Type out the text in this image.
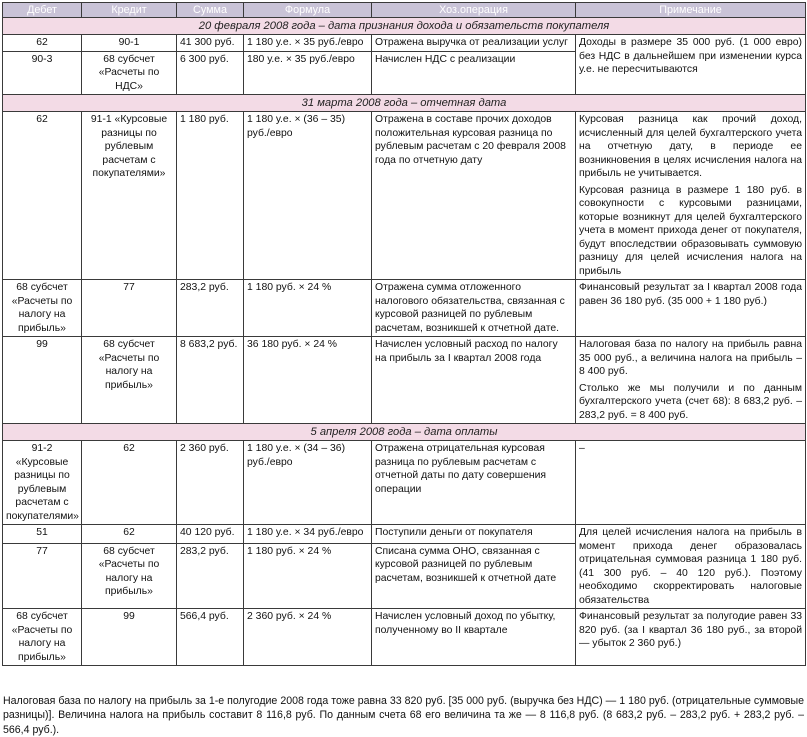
Дебет	Кредит	Сумма	Формула	Хоз.операция	Примечание
20 февраля 2008 года – дата признания дохода и обязательств покупателя					
62	90-1	41 300 руб.	1 180 у.е. × 35 руб./евро	Отражена выручка от реализации услуг	Доходы в размере 35 000 руб. (1 000 евро) без НДС в дальнейшем при изменении курса у.е. не пересчитываются

90-3	68 субсчет «Расчеты по НДС»	6 300 руб.	180 у.е. × 35 руб./евро	Начислен НДС с реализации	
31 марта 2008 года – отчетная дата					
62	91-1 «Курсовые разницы по рублевым расчетам с покупателями»	1 180 руб.	1 180 у.е. × (36 – 35) руб./евро	Отражена в составе прочих доходов положительная курсовая разница по рублевым расчетам с 20 февраля 2008 года по отчетную дату	Курсовая разница как прочий доход, исчисленный для целей бухгалтерского учета на отчетную дату, в периоде ее возникновения в целях исчисления налога на прибыль не учитывается.

Курсовая разница в размере 1 180 руб. в совокупности с курсовыми разницами, которые возникнут для целей бухгалтерского учета в момент прихода денег от покупателя, будут впоследствии образовывать суммовую разницу для целей исчисления налога на прибыль

68 субсчет «Расчеты по налогу на прибыль»	77	283,2 руб.	1 180 руб. × 24 %	Отражена сумма отложенного налогового обязательства, связанная с курсовой разницей по рублевым расчетам, возникшей к отчетной дате.	Финансовый результат за I квартал 2008 года равен 36 180 руб. (35 000 + 1 180 руб.)

99	68 субсчет «Расчеты по налогу на прибыль»	8 683,2 руб.	36 180 руб. × 24 %	Начислен условный расход по налогу на прибыль за I квартал 2008 года	Налоговая база по налогу на прибыль равна 35 000 руб., а величина налога на прибыль – 8 400 руб.

Столько же мы получили и по данным бухгалтерского учета (счет 68): 8 683,2 руб. – 283,2 руб. = 8 400 руб.

5 апреля 2008 года – дата оплаты					
91-2 «Курсовые разницы по рублевым расчетам с покупателями»	62	2 360 руб.	1 180 у.е. × (34 – 36) руб./евро	Отражена отрицательная курсовая разница по рублевым расчетам с отчетной даты по дату совершения операции	–

51	62	40 120 руб.	1 180 у.е. × 34 руб./евро	Поступили деньги от покупателя	Для целей исчисления налога на прибыль в момент прихода денег образовалась отрицательная суммовая разница 1 180 руб. (41 300 руб. – 40 120 руб.). Поэтому необходимо скорректировать налоговые обязательства

77	68 субсчет «Расчеты по налогу на прибыль»	283,2 руб.	1 180 руб. × 24 %	Списана сумма ОНО, связанная с курсовой разницей по рублевым расчетам, возникшей к отчетной дате	
68 субсчет «Расчеты по налогу на прибыль»	99	566,4 руб.	2 360 руб. × 24 %	Начислен условный доход по убытку, полученному во II квартале	Финансовый результат за полугодие равен 33 820 руб. (за I квартал 36 180 руб., за второй — убыток 2 360 руб.)

Налоговая база по налогу на прибыль за 1-е полугодие 2008 года тоже равна 33 820 руб. [35 000 руб. (выручка без НДС) — 1 180 руб. (отрицательные суммовые разницы)]. Величина налога на прибыль составит 8 116,8 руб. По данным счета 68 его величина та же — 8 116,8 руб. (8 683,2 руб. – 283,2 руб. + 283,2 руб. – 566,4 руб.).
